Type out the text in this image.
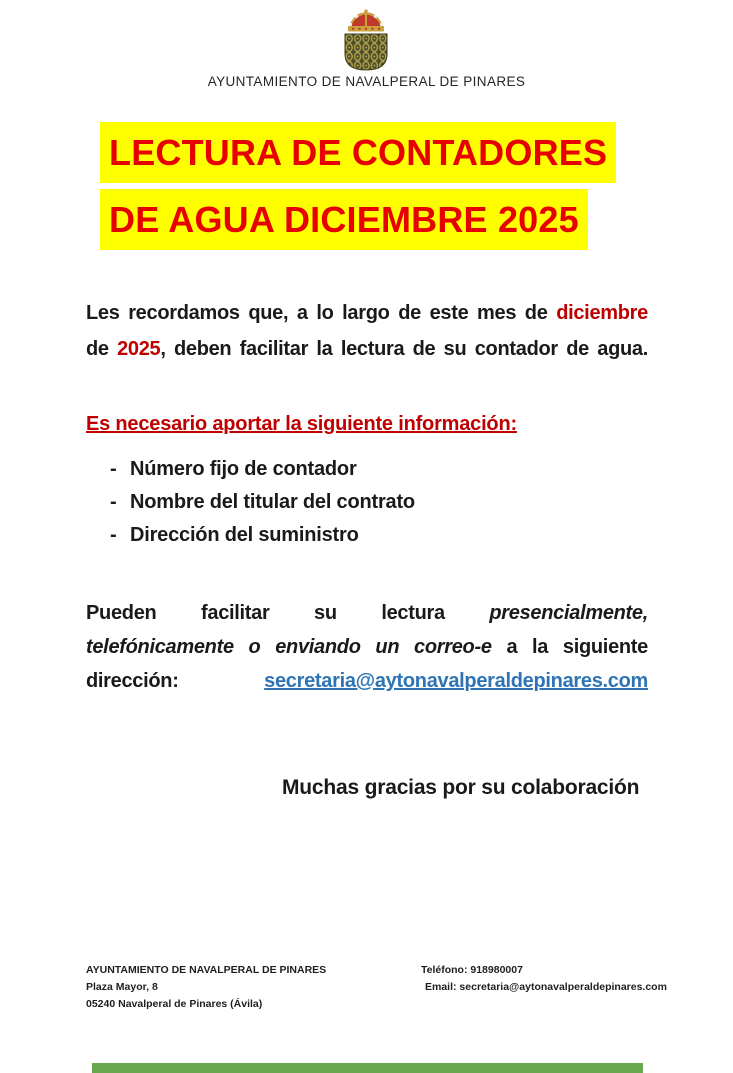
AYUNTAMIENTO DE NAVALPERAL DE PINARES
LECTURA DE CONTADORES
DE AGUA DICIEMBRE 2025
Les recordamos que, a lo largo de este mes de diciembre
de 2025, deben facilitar la lectura de su contador de agua.
Es necesario aportar la siguiente información:
- Número fijo de contador
- Nombre del titular del contrato
- Dirección del suministro
Pueden facilitar su lectura presencialmente,
telefónicamente o enviando un correo-e a la siguiente
dirección:	secretaria@aytonavalperaldepinares.com
Muchas gracias por su colaboración
AYUNTAMIENTO DE NAVALPERAL DE PINARES
Plaza Mayor, 8
05240 Navalperal de Pinares (Ávila)
Teléfono: 918980007
Email: secretaria@aytonavalperaldepinares.com
